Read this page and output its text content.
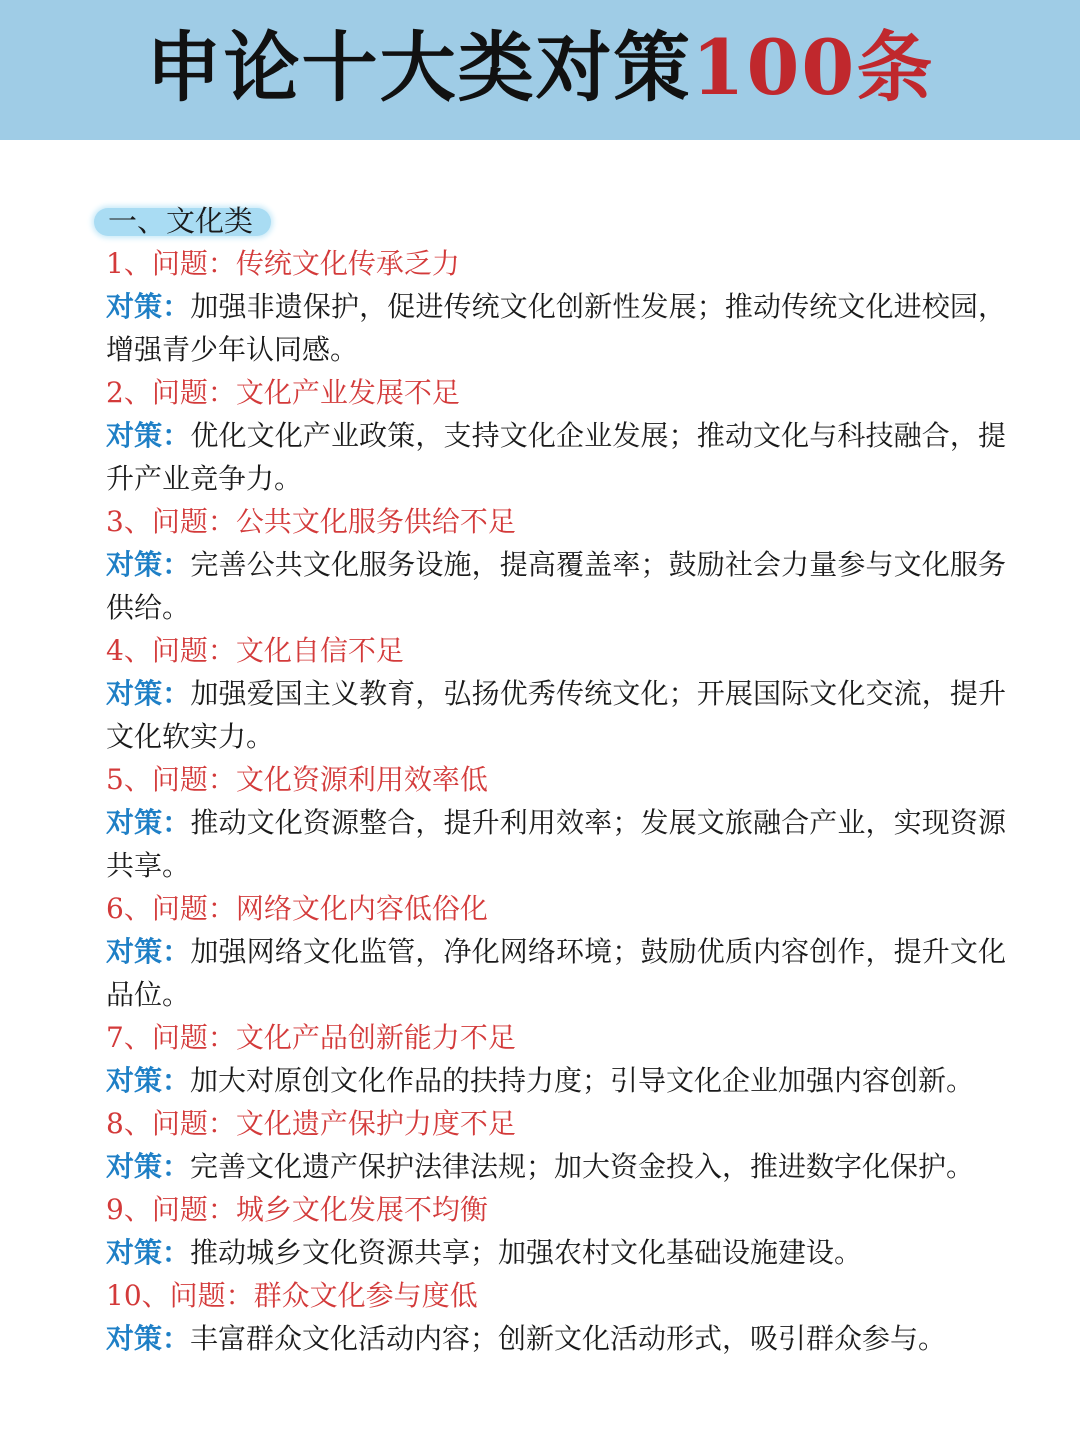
申论十大类对策100条
一、文化类
1、问题：传统文化传承乏力
对策：加强非遗保护，促进传统文化创新性发展；推动传统文化进校园，增强青少年认同感。
2、问题：文化产业发展不足
对策：优化文化产业政策，支持文化企业发展；推动文化与科技融合，提升产业竞争力。
3、问题：公共文化服务供给不足
对策：完善公共文化服务设施，提高覆盖率；鼓励社会力量参与文化服务供给。
4、问题：文化自信不足
对策：加强爱国主义教育，弘扬优秀传统文化；开展国际文化交流，提升文化软实力。
5、问题：文化资源利用效率低
对策：推动文化资源整合，提升利用效率；发展文旅融合产业，实现资源共享。
6、问题：网络文化内容低俗化
对策：加强网络文化监管，净化网络环境；鼓励优质内容创作，提升文化品位。
7、问题：文化产品创新能力不足
对策：加大对原创文化作品的扶持力度；引导文化企业加强内容创新。
8、问题：文化遗产保护力度不足
对策：完善文化遗产保护法律法规；加大资金投入，推进数字化保护。
9、问题：城乡文化发展不均衡
对策：推动城乡文化资源共享；加强农村文化基础设施建设。
10、问题：群众文化参与度低
对策：丰富群众文化活动内容；创新文化活动形式，吸引群众参与。
